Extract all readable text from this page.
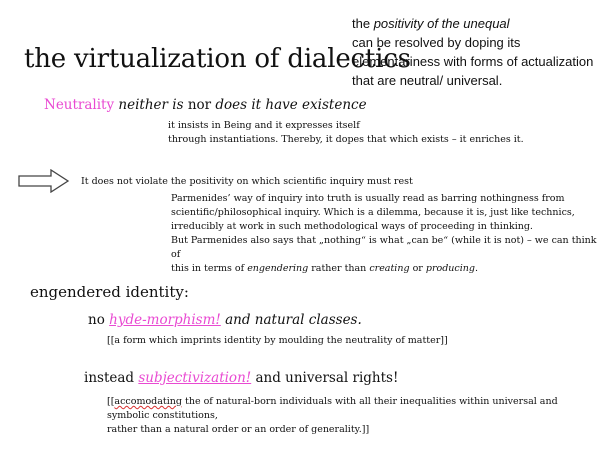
the virtualization of dialectics
the positivity of the unequal
can be resolved by doping its elementariness with forms of actualization that are neutral/ universal.
Neutrality neither is nor does it have existence
it insists in Being and it expresses itself
through instantiations. Thereby, it dopes that which exists – it enriches it.
It does not violate the positivity on which scientific inquiry must rest
Parmenides’ way of inquiry into truth is usually read as barring nothingness from
scientific/philosophical inquiry. Which is a dilemma, because it is, just like technics,
irreducibly at work in such methodological ways of proceeding in thinking.
But Parmenides also says that „nothing“ is what „can be“ (while it is not) – we can think of
this in terms of engendering rather than creating or producing.
engendered identity:
no hyde-morphism! and natural classes.
[[a form which imprints identity by moulding the neutrality of matter]]
instead subjectivization! and universal rights!
[[accomodating the of natural-born individuals with all their inequalities within universal and symbolic constitutions,
rather than a natural order or an order of generality.]]
